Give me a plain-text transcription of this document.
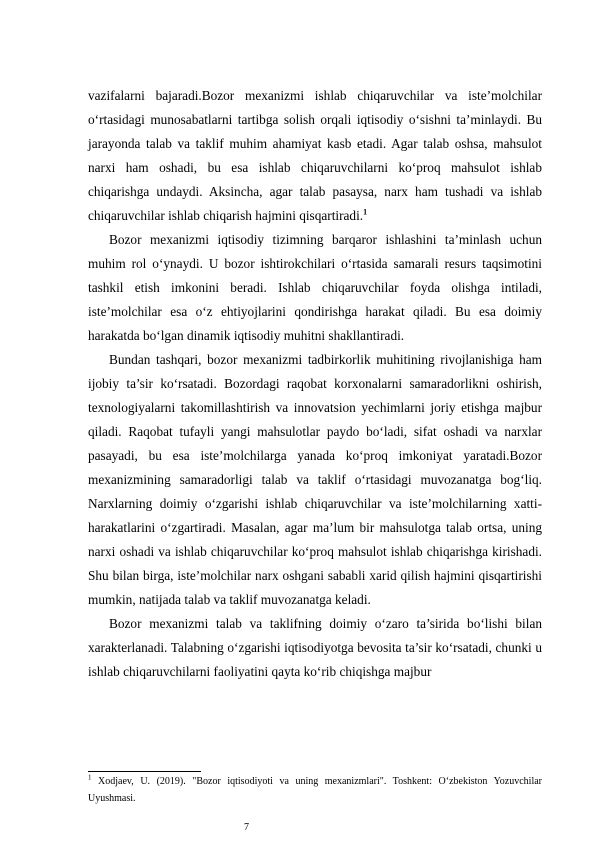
vazifalarni bajaradi.Bozor mexanizmi ishlab chiqaruvchilar va iste’molchilar o‘rtasidagi munosabatlarni tartibga solish orqali iqtisodiy o‘sishni ta’minlaydi. Bu jarayonda talab va taklif muhim ahamiyat kasb etadi. Agar talab oshsa, mahsulot narxi ham oshadi, bu esa ishlab chiqaruvchilarni ko‘proq mahsulot ishlab chiqarishga undaydi. Aksincha, agar talab pasaysa, narx ham tushadi va ishlab chiqaruvchilar ishlab chiqarish hajmini qisqartiradi.$^1$

Bozor mexanizmi iqtisodiy tizimning barqaror ishlashini ta’minlash uchun muhim rol o‘ynaydi. U bozor ishtirokchilari o‘rtasida samarali resurs taqsimotini tashkil etish imkonini beradi. Ishlab chiqaruvchilar foyda olishga intiladi, iste’molchilar esa o‘z ehtiyojlarini qondirishga harakat qiladi. Bu esa doimiy harakatda bo‘lgan dinamik iqtisodiy muhitni shakllantiradi.

Bundan tashqari, bozor mexanizmi tadbirkorlik muhitining rivojlanishiga ham ijobiy ta’sir ko‘rsatadi. Bozordagi raqobat korxonalarni samaradorlikni oshirish, texnologiyalarni takomillashtirish va innovatsion yechimlarni joriy etishga majbur qiladi. Raqobat tufayli yangi mahsulotlar paydo bo‘ladi, sifat oshadi va narxlar pasayadi, bu esa iste’molchilarga yanada ko‘proq imkoniyat yaratadi.Bozor mexanizmining samaradorligi talab va taklif o‘rtasidagi muvozanatga bog‘liq. Narxlarning doimiy o‘zgarishi ishlab chiqaruvchilar va iste’molchilarning xatti-harakatlarini o‘zgartiradi. Masalan, agar ma’lum bir mahsulotga talab ortsa, uning narxi oshadi va ishlab chiqaruvchilar ko‘proq mahsulot ishlab chiqarishga kirishadi. Shu bilan birga, iste’molchilar narx oshgani sababli xarid qilish hajmini qisqartirishi mumkin, natijada talab va taklif muvozanatga keladi.

Bozor mexanizmi talab va taklifning doimiy o‘zaro ta’sirida bo‘lishi bilan xarakterlanadi. Talabning o‘zgarishi iqtisodiyotga bevosita ta’sir ko‘rsatadi, chunki u ishlab chiqaruvchilarni faoliyatini qayta ko‘rib chiqishga majbur

$^1$ Xodjaev, U. (2019). "Bozor iqtisodiyoti va uning mexanizmlari". Toshkent: O‘zbekiston Yozuvchilar Uyushmasi.

7
